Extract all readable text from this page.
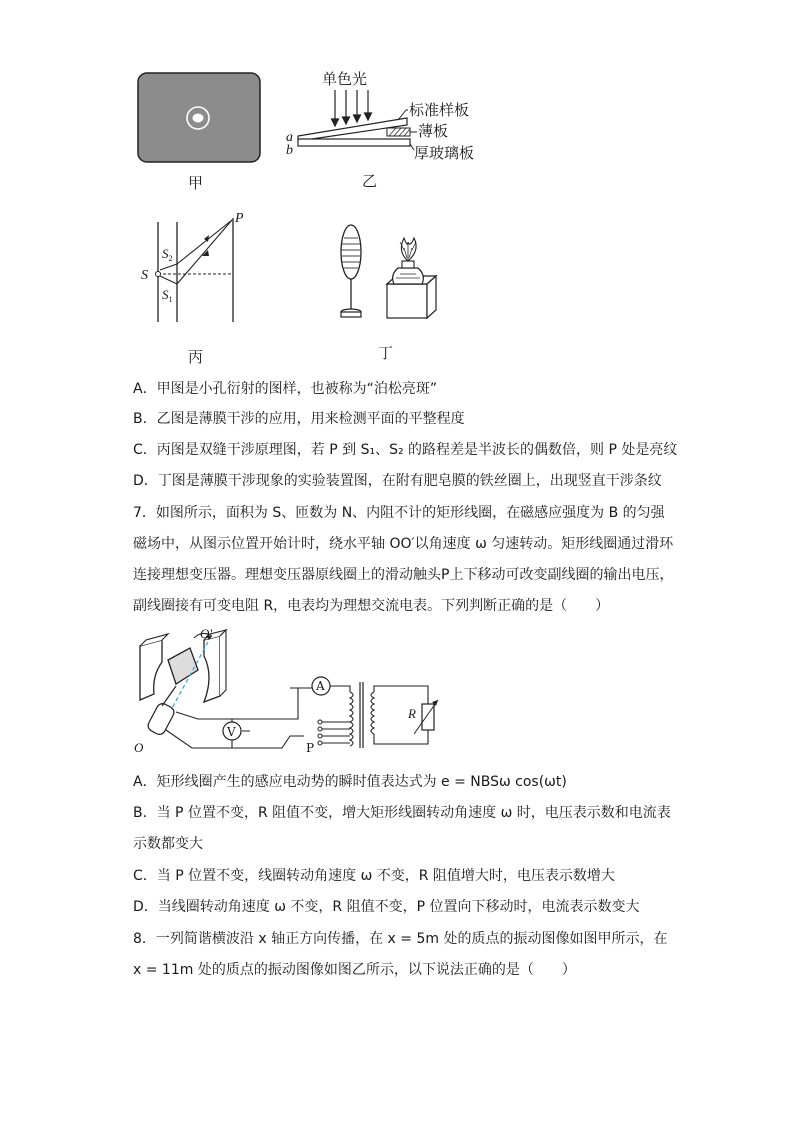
甲
单色光
标准样板
薄板
厚玻璃板
a
b
乙
P
S
$S_2$
$S_1$
丙	丁
A．甲图是小孔衍射的图样，也被称为“泊松亮斑”
B．乙图是薄膜干涉的应用，用来检测平面的平整程度
C．丙图是双缝干涉原理图，若 P 到 S₁、S₂ 的路程差是半波长的偶数倍，则 P 处是亮纹
D．丁图是薄膜干涉现象的实验装置图，在附有肥皂膜的铁丝圈上，出现竖直干涉条纹
7．如图所示，面积为 S、匝数为 N、内阻不计的矩形线圈，在磁感应强度为 B 的匀强
磁场中，从图示位置开始计时，绕水平轴 OO′以角速度 ω 匀速转动。矩形线圈通过滑环
连接理想变压器。理想变压器原线圈上的滑动触头P上下移动可改变副线圈的输出电压，
副线圈接有可变电阻 R，电表均为理想交流电表。下列判断正确的是（　　）
V
A
P
R
O′
O
A．矩形线圈产生的感应电动势的瞬时值表达式为 e = NBSω cos(ωt)
B．当 P 位置不变，R 阻值不变，增大矩形线圈转动角速度 ω 时，电压表示数和电流表
示数都变大
C．当 P 位置不变，线圈转动角速度 ω 不变，R 阻值增大时，电压表示数增大
D．当线圈转动角速度 ω 不变，R 阻值不变，P 位置向下移动时，电流表示数变大
8．一列简谐横波沿 x 轴正方向传播，在 x = 5m 处的质点的振动图像如图甲所示，在
x = 11m 处的质点的振动图像如图乙所示，以下说法正确的是（　　）
